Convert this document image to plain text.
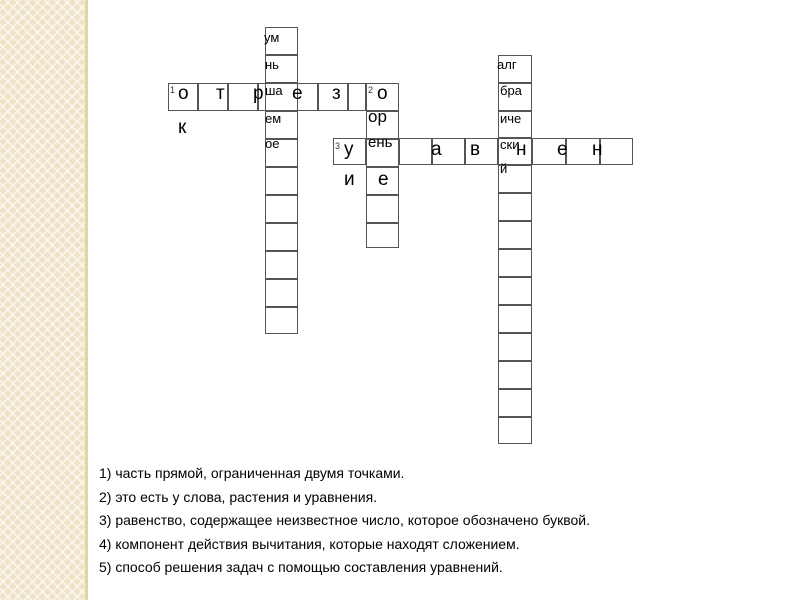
1	2
3
о т р е з
к
ум
нь
ша
ем
ое
о
ор
ень
у	а в н е н
и е
алг
бра
иче
ски
й
1) часть прямой, ограниченная двумя точками.
2) это есть у слова, растения и уравнения.
3) равенство, содержащее неизвестное число, которое обозначено буквой.
4) компонент действия вычитания, которые находят сложением.
5) способ решения задач с помощью составления уравнений.
